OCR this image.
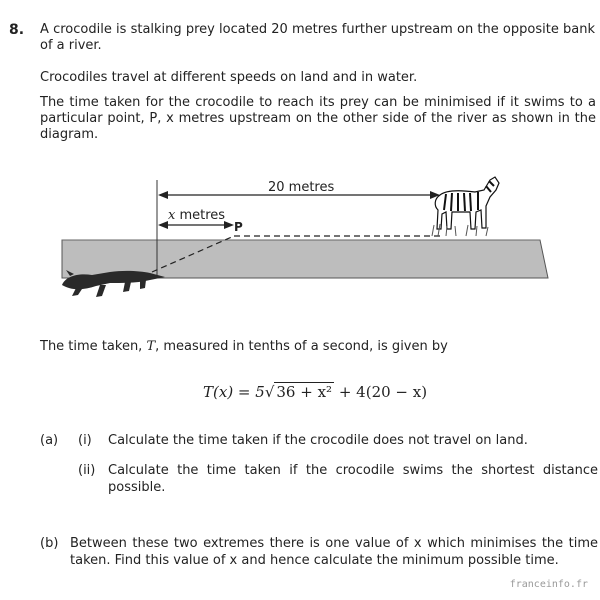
8. A crocodile is stalking prey located 20 metres further upstream on the opposite bank of a river.
Crocodiles travel at different speeds on land and in water.
The time taken for the crocodile to reach its prey can be minimised if it swims to a particular point, P, x metres upstream on the other side of the river as shown in the diagram.
20 metres
x metres
P
The time taken, T, measured in tenths of a second, is given by
T(x) = 5√ 36 + x² + 4(20 − x)
(a) (i) Calculate the time taken if the crocodile does not travel on land.
(ii) Calculate the time taken if the crocodile swims the shortest distance possible.
(b) Between these two extremes there is one value of x which minimises the time taken. Find this value of x and hence calculate the minimum possible time.
franceinfo.fr
